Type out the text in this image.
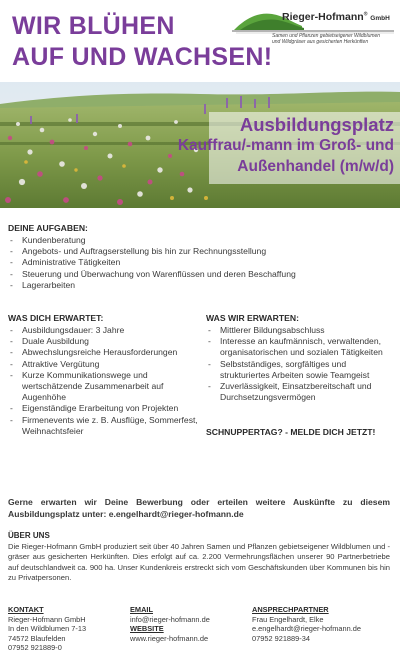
WIR BLÜHEN
AUF UND WACHSEN!
Rieger-Hofmann® GmbH
Samen und Pflanzen gebietseigener Wildblumen
und Wildgräser aus gesicherten Herkünften
Ausbildungsplatz
Kauffrau/-mann im Groß- und
Außenhandel (m/w/d)
DEINE AUFGABEN:
- Kundenberatung
- Angebots- und Auftragserstellung bis hin zur Rechnungsstellung
- Administrative Tätigkeiten
- Steuerung und Überwachung von Warenflüssen und deren Beschaffung
- Lagerarbeiten
WAS DICH ERWARTET:
- Ausbildungsdauer: 3 Jahre
- Duale Ausbildung
- Abwechslungsreiche Herausforderungen
- Attraktive Vergütung
- Kurze Kommunikationswege und wertschätzende Zusammenarbeit auf Augenhöhe
- Eigenständige Erarbeitung von Projekten
- Firmenevents wie z. B. Ausflüge, Sommerfest, Weihnachtsfeier
WAS WIR ERWARTEN:
- Mittlerer Bildungsabschluss
- Interesse an kaufmännisch, verwaltenden, organisatorischen und sozialen Tätigkeiten
- Selbstständiges, sorgfältiges und strukturiertes Arbeiten sowie Teamgeist
- Zuverlässigkeit, Einsatzbereitschaft und Durchsetzungsvermögen
SCHNUPPERTAG? - MELDE DICH JETZT!
Gerne erwarten wir Deine Bewerbung oder erteilen weitere Auskünfte zu diesem Ausbildungsplatz unter: e.engelhardt@rieger-hofmann.de
ÜBER UNS
Die Rieger-Hofmann GmbH produziert seit über 40 Jahren Samen und Pflanzen gebietseigener Wildblumen und -gräser aus gesicherten Herkünften. Dies erfolgt auf ca. 2.200 Vermehrungsflächen unserer 90 Partnerbetriebe auf deutschlandweit ca. 900 ha. Unser Kundenkreis erstreckt sich vom Geschäftskunden über Kommunen bis hin zu Privatpersonen.
KONTAKT
Rieger-Hofmann GmbH
In den Wildblumen 7-13
74572 Blaufelden
07952 921889-0
EMAIL
info@rieger-hofmann.de
WEBSITE
www.rieger-hofmann.de
ANSPRECHPARTNER
Frau Engelhardt, Elke
e.engelhardt@rieger-hofmann.de
07952 921889-34
